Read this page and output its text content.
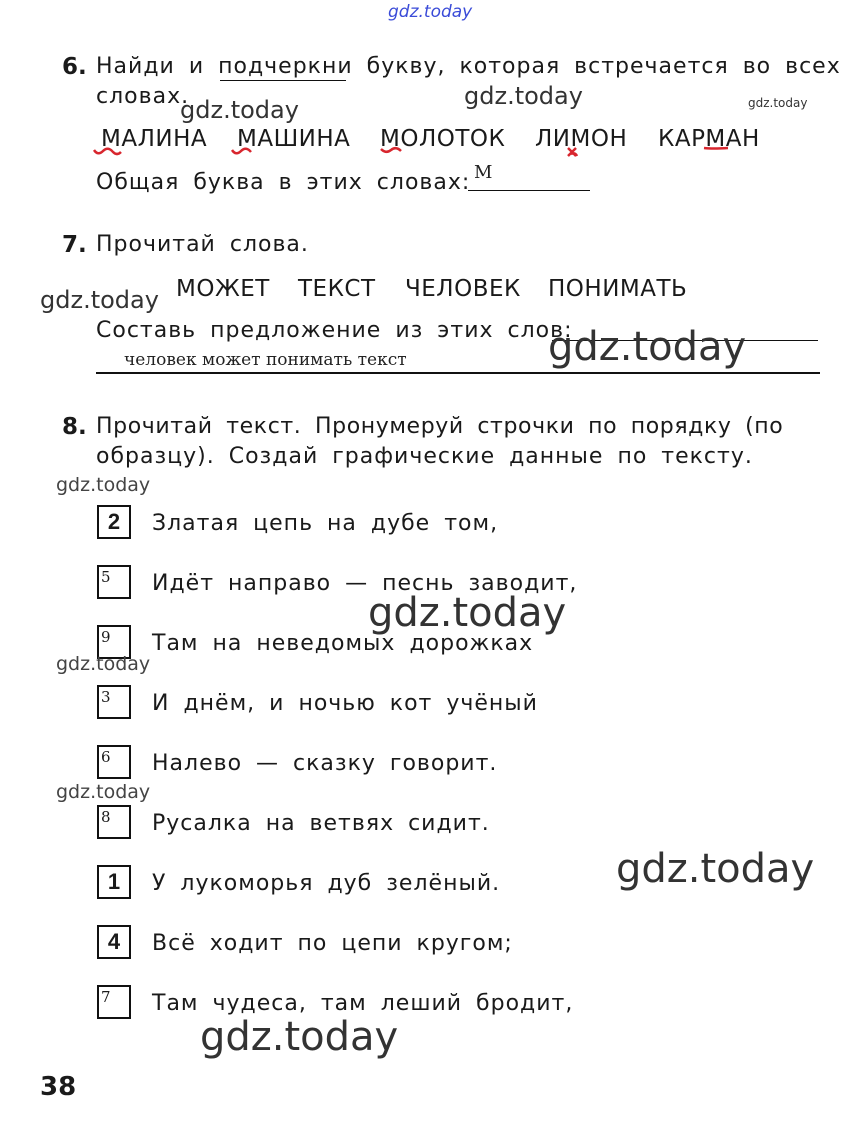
gdz.today
6. Найди и подчеркни букву, которая встречается во всех
словах.
МАЛИНА МАШИНА МОЛОТОК ЛИМОН КАРМАН
Общая буква в этих словах: М
7. Прочитай слова.
МОЖЕТ ТЕКСТ ЧЕЛОВЕК ПОНИМАТЬ
Составь предложение из этих слов:
человек может понимать текст
8. Прочитай текст. Пронумеруй строчки по порядку (по
образцу). Создай графические данные по тексту.
2 Златая цепь на дубе том,
5 Идёт направо — песнь заводит,
9 Там на неведомых дорожках
3 И днём, и ночью кот учёный
6 Налево — сказку говорит.
8 Русалка на ветвях сидит.
1 У лукоморья дуб зелёный.
4 Всё ходит по цепи кругом;
7 Там чудеса, там леший бродит,
38
gdz.today	gdz.today	gdz.today
gdz.today
gdz.today
gdz.today
gdz.today
gdz.today
gdz.today
gdz.today
gdz.today
